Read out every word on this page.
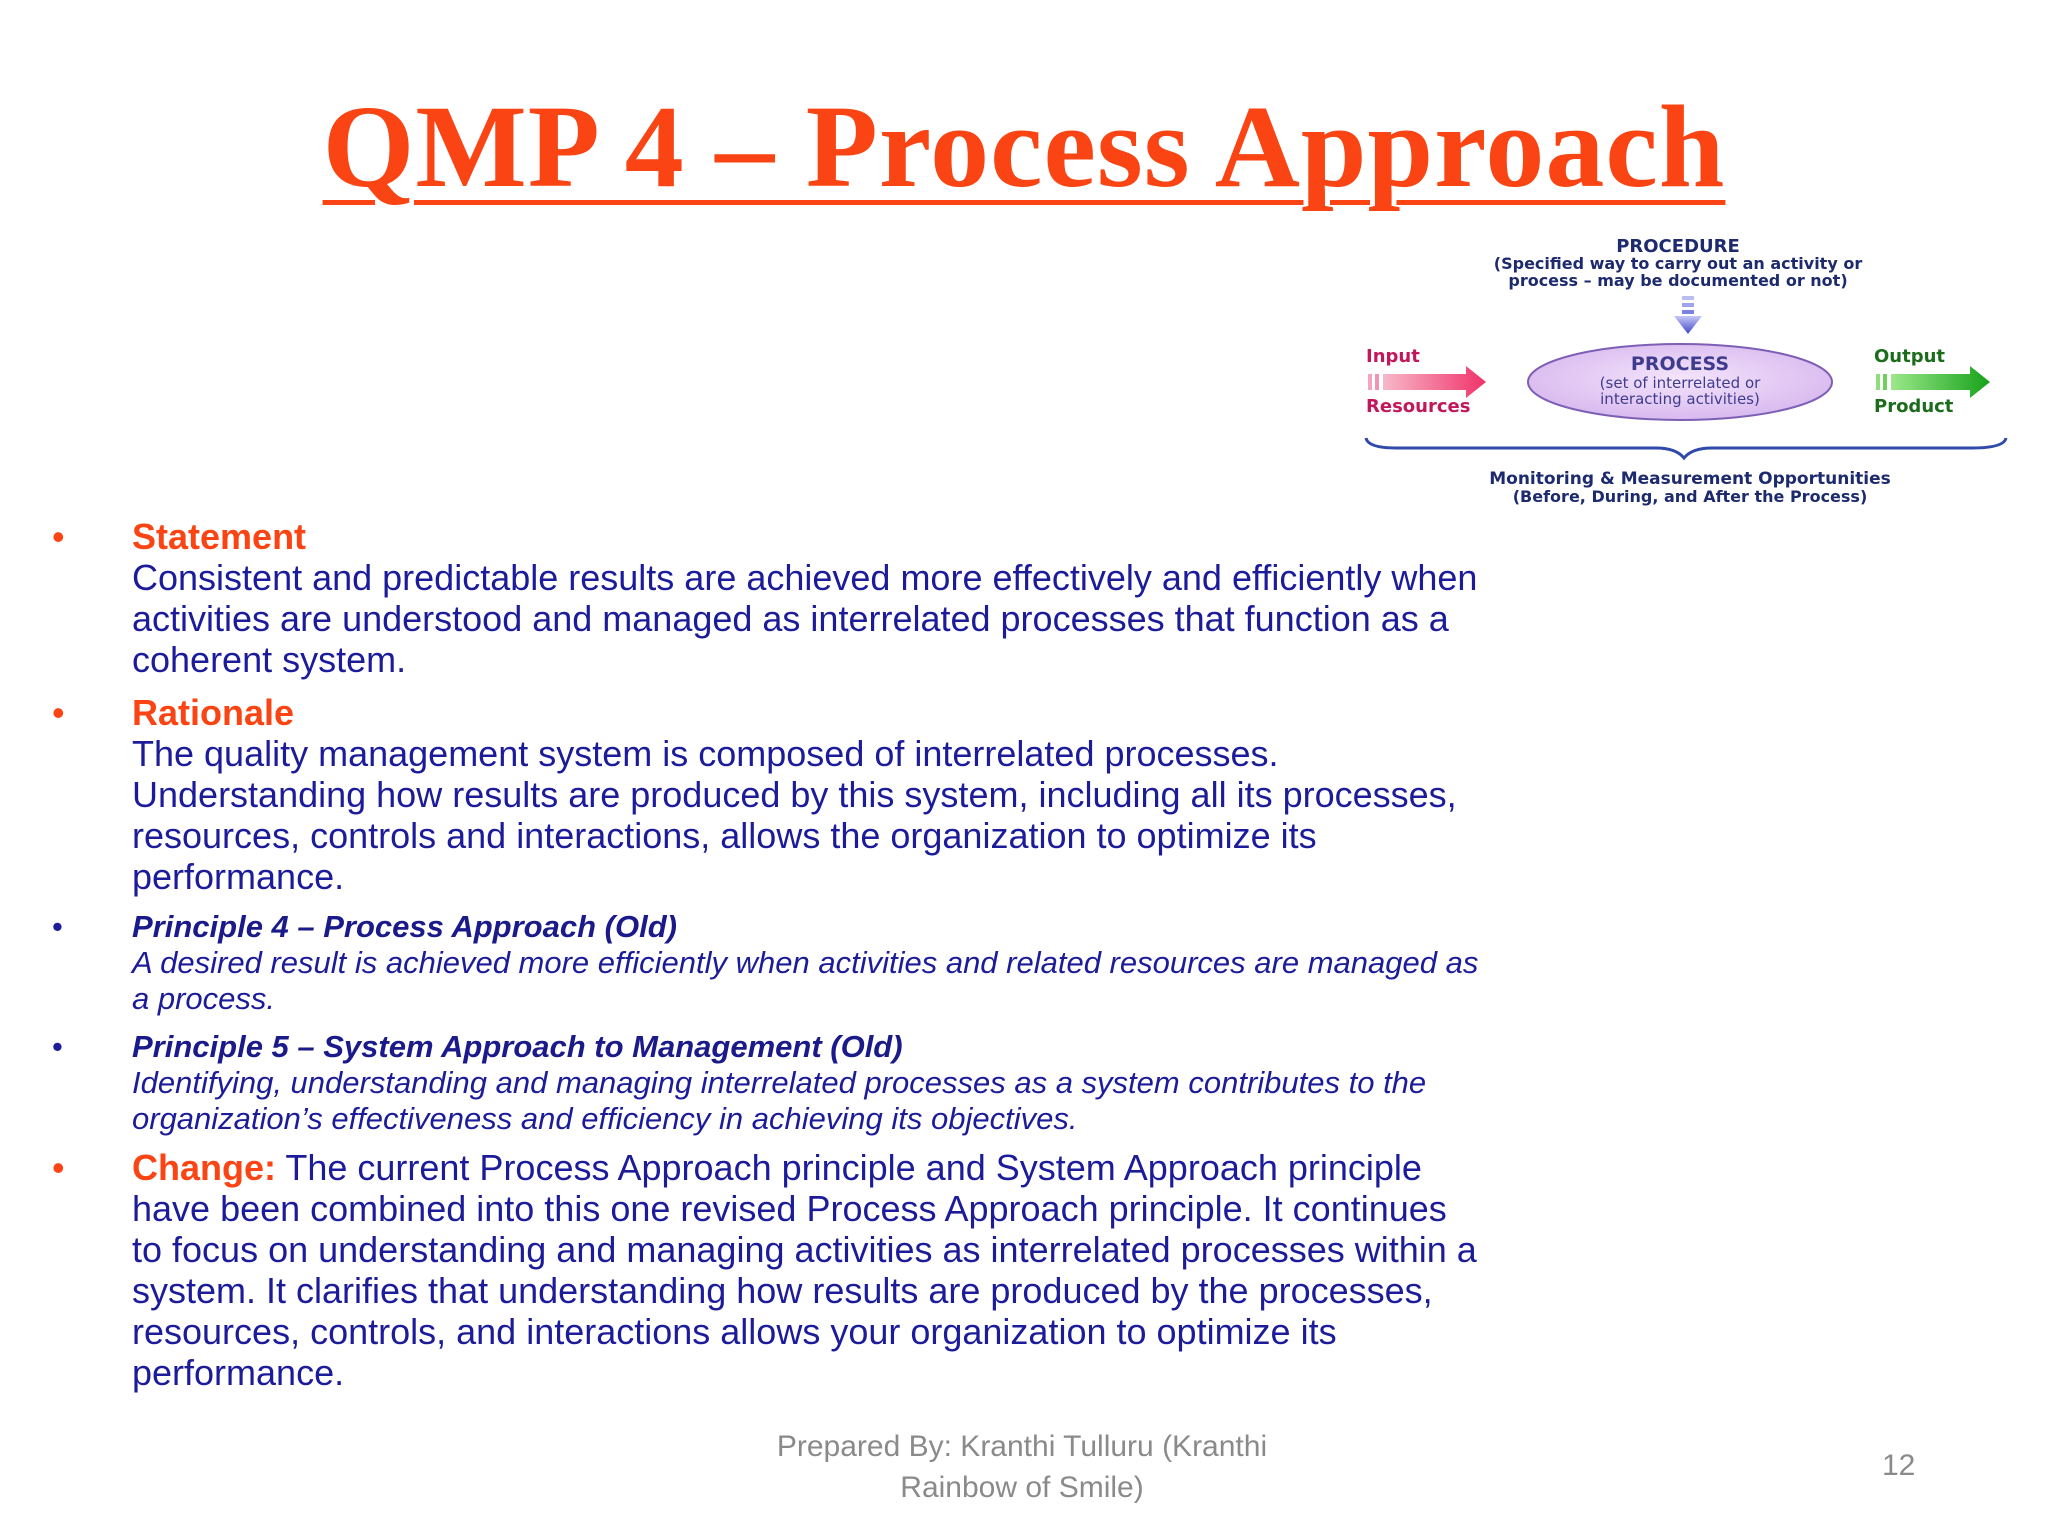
QMP 4 – Process Approach
PROCEDURE
(Specified way to carry out an activity or
process – may be documented or not)
Input
Resources
PROCESS
(set of interrelated or
interacting activities)
Output
Product
Monitoring & Measurement Opportunities
(Before, During, and After the Process)
• Statement
Consistent and predictable results are achieved more effectively and efficiently when activities are understood and managed as interrelated processes that function as a coherent system.
• Rationale
The quality management system is composed of interrelated processes. Understanding how results are produced by this system, including all its processes, resources, controls and interactions, allows the organization to optimize its performance.
• Principle 4 – Process Approach (Old)
A desired result is achieved more efficiently when activities and related resources are managed as a process.
• Principle 5 – System Approach to Management (Old)
Identifying, understanding and managing interrelated processes as a system contributes to the organization’s effectiveness and efficiency in achieving its objectives.
• Change: The current Process Approach principle and System Approach principle have been combined into this one revised Process Approach principle. It continues to focus on understanding and managing activities as interrelated processes within a system. It clarifies that understanding how results are produced by the processes, resources, controls, and interactions allows your organization to optimize its performance.
Prepared By: Kranthi Tulluru (Kranthi Rainbow of Smile)
12
